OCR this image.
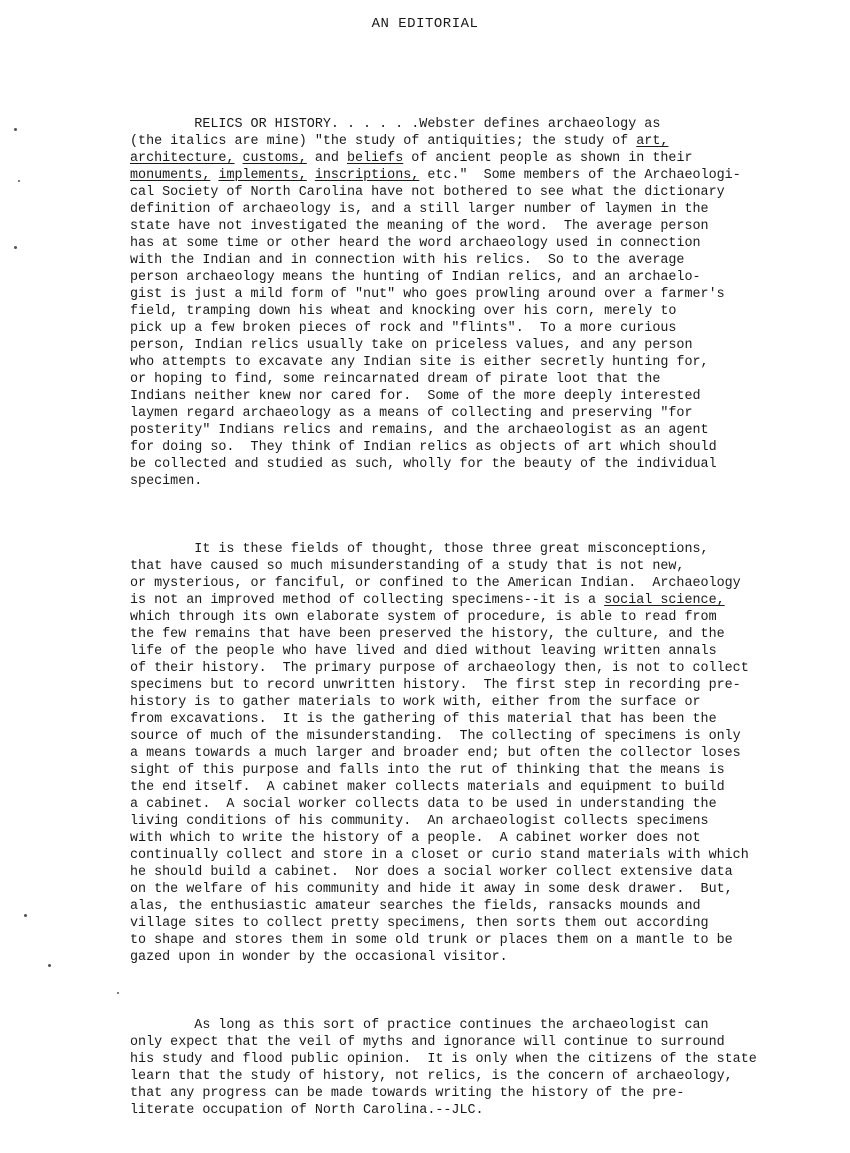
AN EDITORIAL

RELICS OR HISTORY. . . . . .Webster defines archaeology as
(the italics are mine) "the study of antiquities; the study of art,
architecture, customs, and beliefs of ancient people as shown in their
monuments, implements, inscriptions, etc."  Some members of the Archaeologi-
cal Society of North Carolina have not bothered to see what the dictionary
definition of archaeology is, and a still larger number of laymen in the
state have not investigated the meaning of the word.  The average person
has at some time or other heard the word archaeology used in connection
with the Indian and in connection with his relics.  So to the average
person archaeology means the hunting of Indian relics, and an archaelo-
gist is just a mild form of "nut" who goes prowling around over a farmer's
field, tramping down his wheat and knocking over his corn, merely to
pick up a few broken pieces of rock and "flints".  To a more curious
person, Indian relics usually take on priceless values, and any person
who attempts to excavate any Indian site is either secretly hunting for,
or hoping to find, some reincarnated dream of pirate loot that the
Indians neither knew nor cared for.  Some of the more deeply interested
laymen regard archaeology as a means of collecting and preserving "for
posterity" Indians relics and remains, and the archaeologist as an agent
for doing so.  They think of Indian relics as objects of art which should
be collected and studied as such, wholly for the beauty of the individual
specimen.

It is these fields of thought, those three great misconceptions,
that have caused so much misunderstanding of a study that is not new,
or mysterious, or fanciful, or confined to the American Indian.  Archaeology
is not an improved method of collecting specimens--it is a social science,
which through its own elaborate system of procedure, is able to read from
the few remains that have been preserved the history, the culture, and the
life of the people who have lived and died without leaving written annals
of their history.  The primary purpose of archaeology then, is not to collect
specimens but to record unwritten history.  The first step in recording pre-
history is to gather materials to work with, either from the surface or
from excavations.  It is the gathering of this material that has been the
source of much of the misunderstanding.  The collecting of specimens is only
a means towards a much larger and broader end; but often the collector loses
sight of this purpose and falls into the rut of thinking that the means is
the end itself.  A cabinet maker collects materials and equipment to build
a cabinet.  A social worker collects data to be used in understanding the
living conditions of his community.  An archaeologist collects specimens
with which to write the history of a people.  A cabinet worker does not
continually collect and store in a closet or curio stand materials with which
he should build a cabinet.  Nor does a social worker collect extensive data
on the welfare of his community and hide it away in some desk drawer.  But,
alas, the enthusiastic amateur searches the fields, ransacks mounds and
village sites to collect pretty specimens, then sorts them out according
to shape and stores them in some old trunk or places them on a mantle to be
gazed upon in wonder by the occasional visitor.

As long as this sort of practice continues the archaeologist can
only expect that the veil of myths and ignorance will continue to surround
his study and flood public opinion.  It is only when the citizens of the state
learn that the study of history, not relics, is the concern of archaeology,
that any progress can be made towards writing the history of the pre-
literate occupation of North Carolina.--JLC.
